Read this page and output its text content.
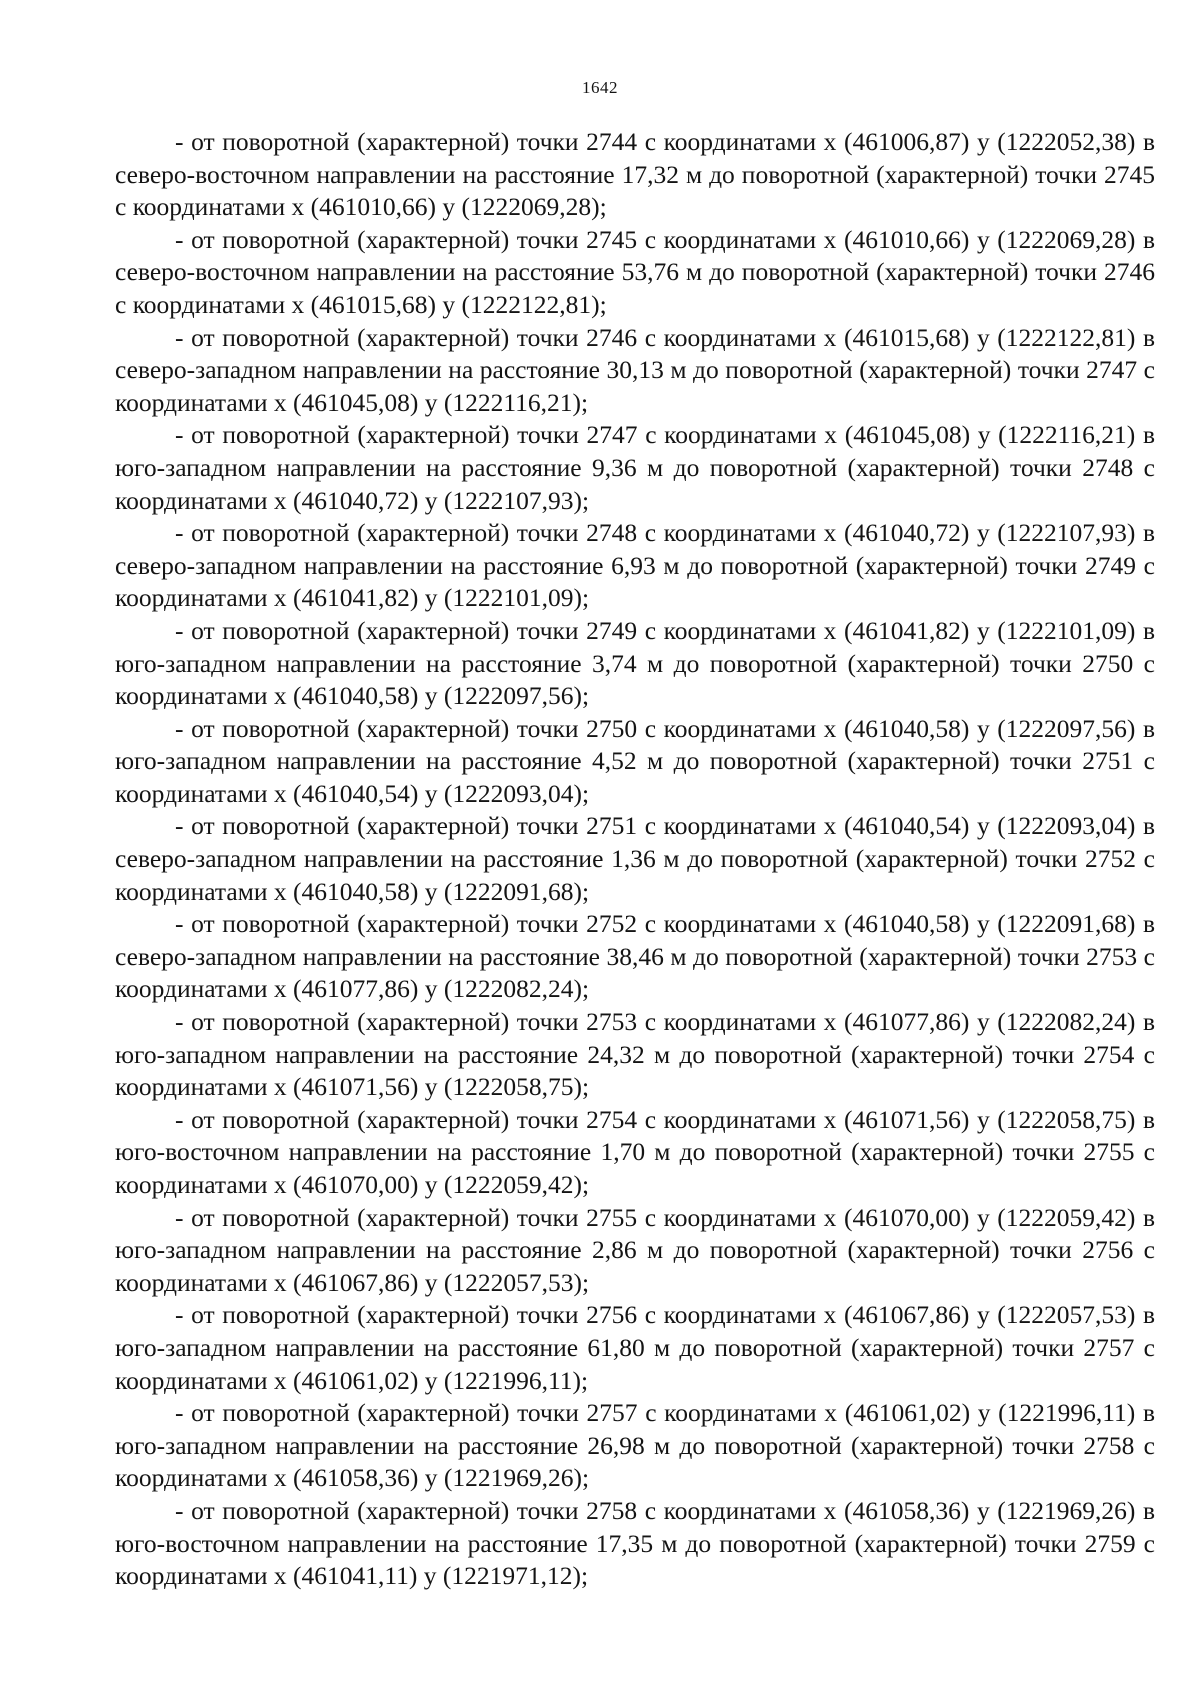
1642

- от поворотной (характерной) точки 2744 с координатами х (461006,87) у (1222052,38) в северо-восточном направлении на расстояние 17,32 м до поворотной (характерной) точки 2745 с координатами х (461010,66) у (1222069,28);

- от поворотной (характерной) точки 2745 с координатами х (461010,66) у (1222069,28) в северо-восточном направлении на расстояние 53,76 м до поворотной (характерной) точки 2746 с координатами х (461015,68) у (1222122,81);

- от поворотной (характерной) точки 2746 с координатами х (461015,68) у (1222122,81) в северо-западном направлении на расстояние 30,13 м до поворотной (характерной) точки 2747 с координатами х (461045,08) у (1222116,21);

- от поворотной (характерной) точки 2747 с координатами х (461045,08) у (1222116,21) в юго-западном направлении на расстояние 9,36 м до поворотной (характерной) точки 2748 с координатами х (461040,72) у (1222107,93);

- от поворотной (характерной) точки 2748 с координатами х (461040,72) у (1222107,93) в северо-западном направлении на расстояние 6,93 м до поворотной (характерной) точки 2749 с координатами х (461041,82) у (1222101,09);

- от поворотной (характерной) точки 2749 с координатами х (461041,82) у (1222101,09) в юго-западном направлении на расстояние 3,74 м до поворотной (характерной) точки 2750 с координатами х (461040,58) у (1222097,56);

- от поворотной (характерной) точки 2750 с координатами х (461040,58) у (1222097,56) в юго-западном направлении на расстояние 4,52 м до поворотной (характерной) точки 2751 с координатами х (461040,54) у (1222093,04);

- от поворотной (характерной) точки 2751 с координатами х (461040,54) у (1222093,04) в северо-западном направлении на расстояние 1,36 м до поворотной (характерной) точки 2752 с координатами х (461040,58) у (1222091,68);

- от поворотной (характерной) точки 2752 с координатами х (461040,58) у (1222091,68) в северо-западном направлении на расстояние 38,46 м до поворотной (характерной) точки 2753 с координатами х (461077,86) у (1222082,24);

- от поворотной (характерной) точки 2753 с координатами х (461077,86) у (1222082,24) в юго-западном направлении на расстояние 24,32 м до поворотной (характерной) точки 2754 с координатами х (461071,56) у (1222058,75);

- от поворотной (характерной) точки 2754 с координатами х (461071,56) у (1222058,75) в юго-восточном направлении на расстояние 1,70 м до поворотной (характерной) точки 2755 с координатами х (461070,00) у (1222059,42);

- от поворотной (характерной) точки 2755 с координатами х (461070,00) у (1222059,42) в юго-западном направлении на расстояние 2,86 м до поворотной (характерной) точки 2756 с координатами х (461067,86) у (1222057,53);

- от поворотной (характерной) точки 2756 с координатами х (461067,86) у (1222057,53) в юго-западном направлении на расстояние 61,80 м до поворотной (характерной) точки 2757 с координатами х (461061,02) у (1221996,11);

- от поворотной (характерной) точки 2757 с координатами х (461061,02) у (1221996,11) в юго-западном направлении на расстояние 26,98 м до поворотной (характерной) точки 2758 с координатами х (461058,36) у (1221969,26);

- от поворотной (характерной) точки 2758 с координатами х (461058,36) у (1221969,26) в юго-восточном направлении на расстояние 17,35 м до поворотной (характерной) точки 2759 с координатами х (461041,11) у (1221971,12);
